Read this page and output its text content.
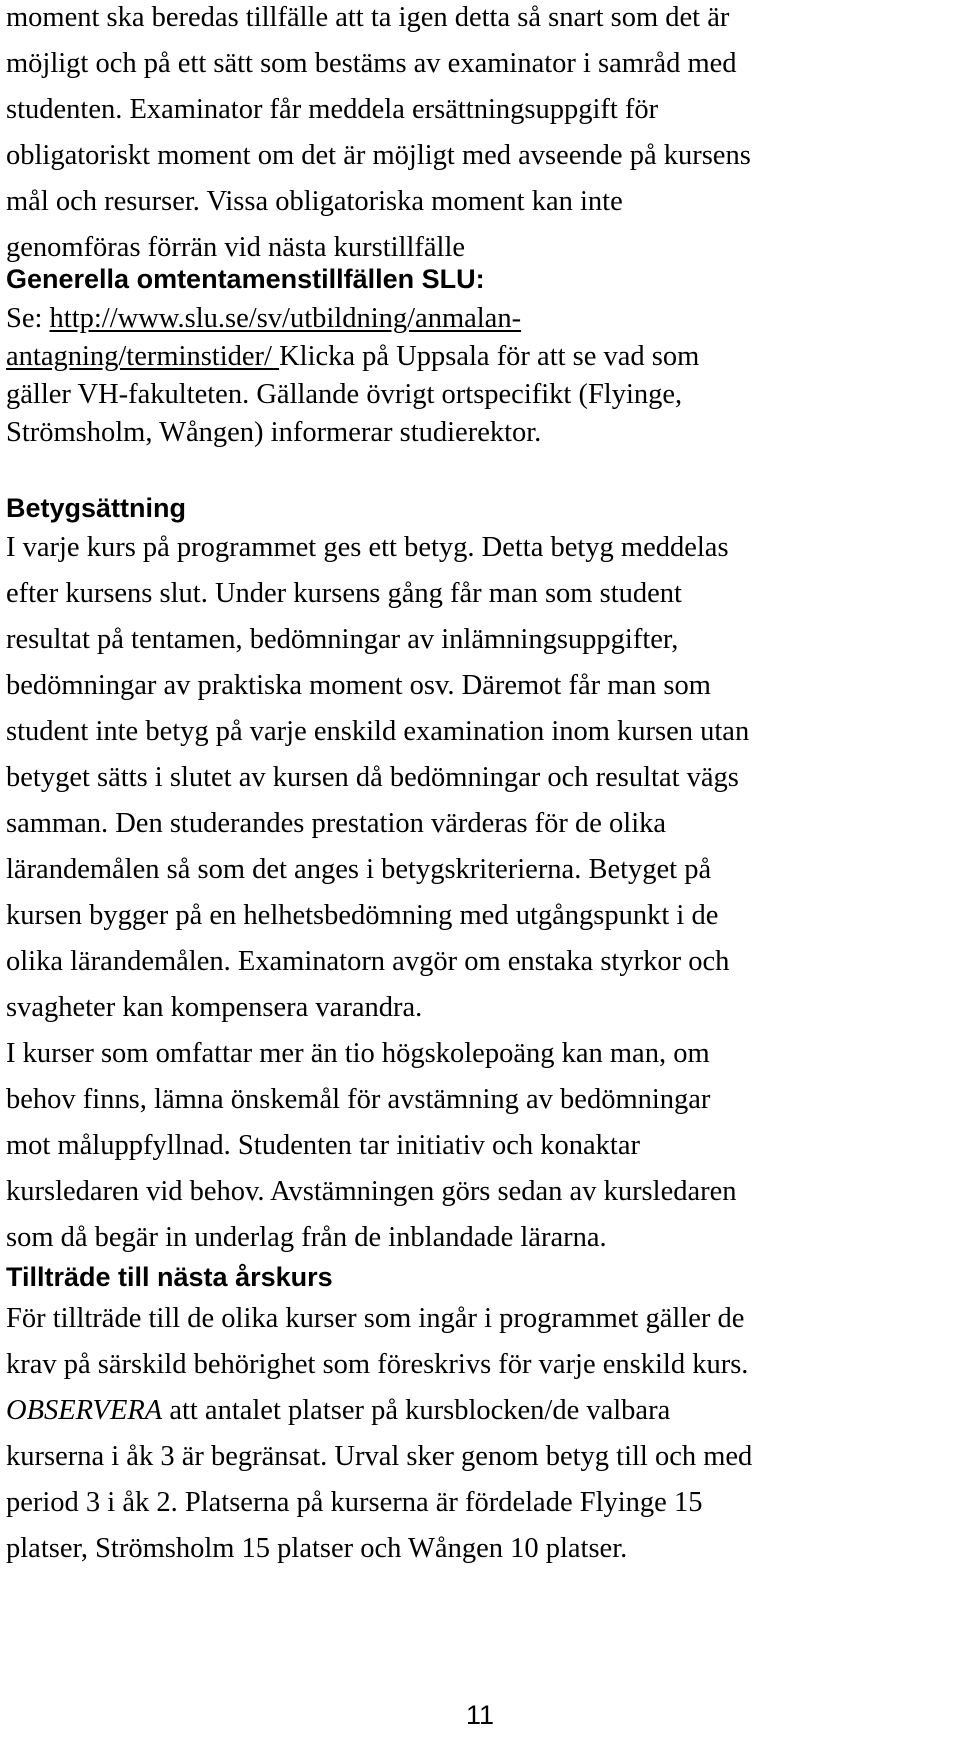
moment ska beredas tillfälle att ta igen detta så snart som det är
möjligt och på ett sätt som bestäms av examinator i samråd med
studenten. Examinator får meddela ersättningsuppgift för
obligatoriskt moment om det är möjligt med avseende på kursens
mål och resurser. Vissa obligatoriska moment kan inte
genomföras förrän vid nästa kurstillfälle
Generella omtentamenstillfällen SLU:
Se: http://www.slu.se/sv/utbildning/anmalan-
antagning/terminstider/ Klicka på Uppsala för att se vad som
gäller VH-fakulteten. Gällande övrigt ortspecifikt (Flyinge,
Strömsholm, Wången) informerar studierektor.
Betygsättning
I varje kurs på programmet ges ett betyg. Detta betyg meddelas
efter kursens slut. Under kursens gång får man som student
resultat på tentamen, bedömningar av inlämningsuppgifter,
bedömningar av praktiska moment osv. Däremot får man som
student inte betyg på varje enskild examination inom kursen utan
betyget sätts i slutet av kursen då bedömningar och resultat vägs
samman. Den studerandes prestation värderas för de olika
lärandemålen så som det anges i betygskriterierna. Betyget på
kursen bygger på en helhetsbedömning med utgångspunkt i de
olika lärandemålen. Examinatorn avgör om enstaka styrkor och
svagheter kan kompensera varandra.
I kurser som omfattar mer än tio högskolepoäng kan man, om
behov finns, lämna önskemål för avstämning av bedömningar
mot måluppfyllnad. Studenten tar initiativ och konaktar
kursledaren vid behov. Avstämningen görs sedan av kursledaren
som då begär in underlag från de inblandade lärarna.
Tillträde till nästa årskurs
För tillträde till de olika kurser som ingår i programmet gäller de
krav på särskild behörighet som föreskrivs för varje enskild kurs.
OBSERVERA att antalet platser på kursblocken/de valbara
kurserna i åk 3 är begränsat. Urval sker genom betyg till och med
period 3 i åk 2. Platserna på kurserna är fördelade Flyinge 15
platser, Strömsholm 15 platser och Wången 10 platser.
11
